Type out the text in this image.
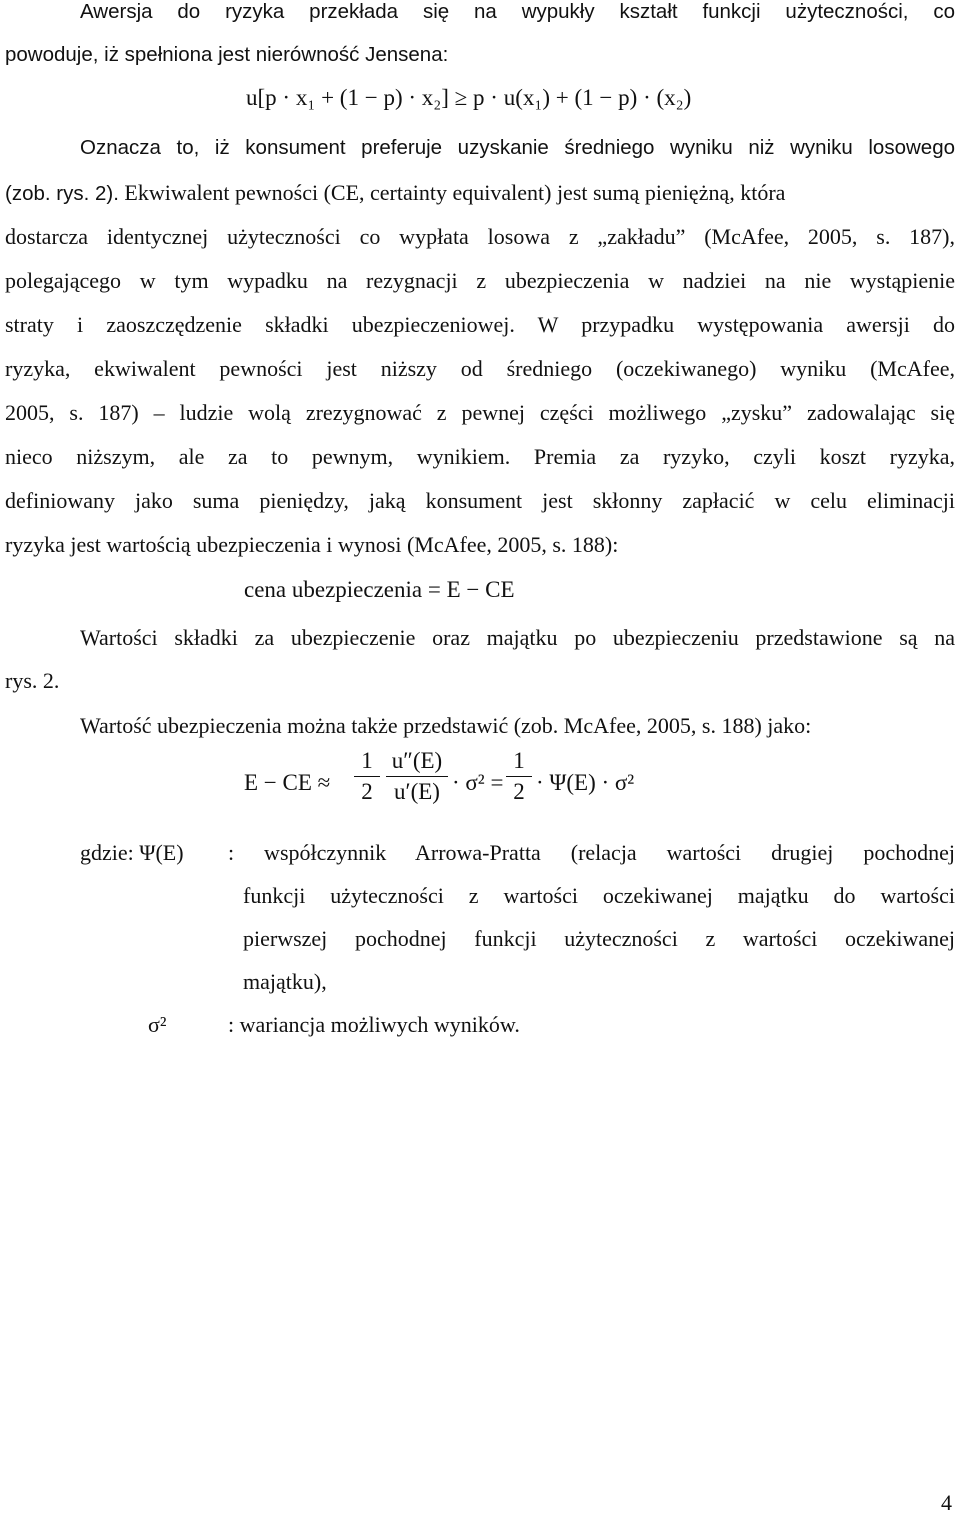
Awersja do ryzyka przekłada się na wypukły kształt funkcji użyteczności, co
powoduje, iż spełniona jest nierówność Jensena:
u[p · x₁ + (1 − p) · x₂] ≥ p · u(x₁) + (1 − p) · (x₂)
Oznacza to, iż konsument preferuje uzyskanie średniego wyniku niż wyniku losowego
(zob. rys. 2). Ekwiwalent pewności (CE, certainty equivalent) jest sumą pieniężną, która
dostarcza identycznej użyteczności co wypłata losowa z „zakładu” (McAfee, 2005, s. 187),
polegającego w tym wypadku na rezygnacji z ubezpieczenia w nadziei na nie wystąpienie
straty i zaoszczędzenie składki ubezpieczeniowej. W przypadku występowania awersji do
ryzyka, ekwiwalent pewności jest niższy od średniego (oczekiwanego) wyniku (McAfee,
2005, s. 187) – ludzie wolą zrezygnować z pewnej części możliwego „zysku” zadowalając się
nieco niższym, ale za to pewnym, wynikiem. Premia za ryzyko, czyli koszt ryzyka,
definiowany jako suma pieniędzy, jaką konsument jest skłonny zapłacić w celu eliminacji
ryzyka jest wartością ubezpieczenia i wynosi (McAfee, 2005, s. 188):
cena ubezpieczenia = E − CE
Wartości składki za ubezpieczenie oraz majątku po ubezpieczeniu przedstawione są na
rys. 2.
Wartość ubezpieczenia można także przedstawić (zob. McAfee, 2005, s. 188) jako:
E − CE ≈
1
2
u″(E)
u′(E) · σ² =
1
2 · Ψ(E) · σ²
gdzie: Ψ(E)	: współczynnik Arrowa-Pratta (relacja wartości drugiej pochodnej
funkcji użyteczności z wartości oczekiwanej majątku do wartości
pierwszej pochodnej funkcji użyteczności z wartości oczekiwanej
majątku),
σ²	: wariancja możliwych wyników.
4
